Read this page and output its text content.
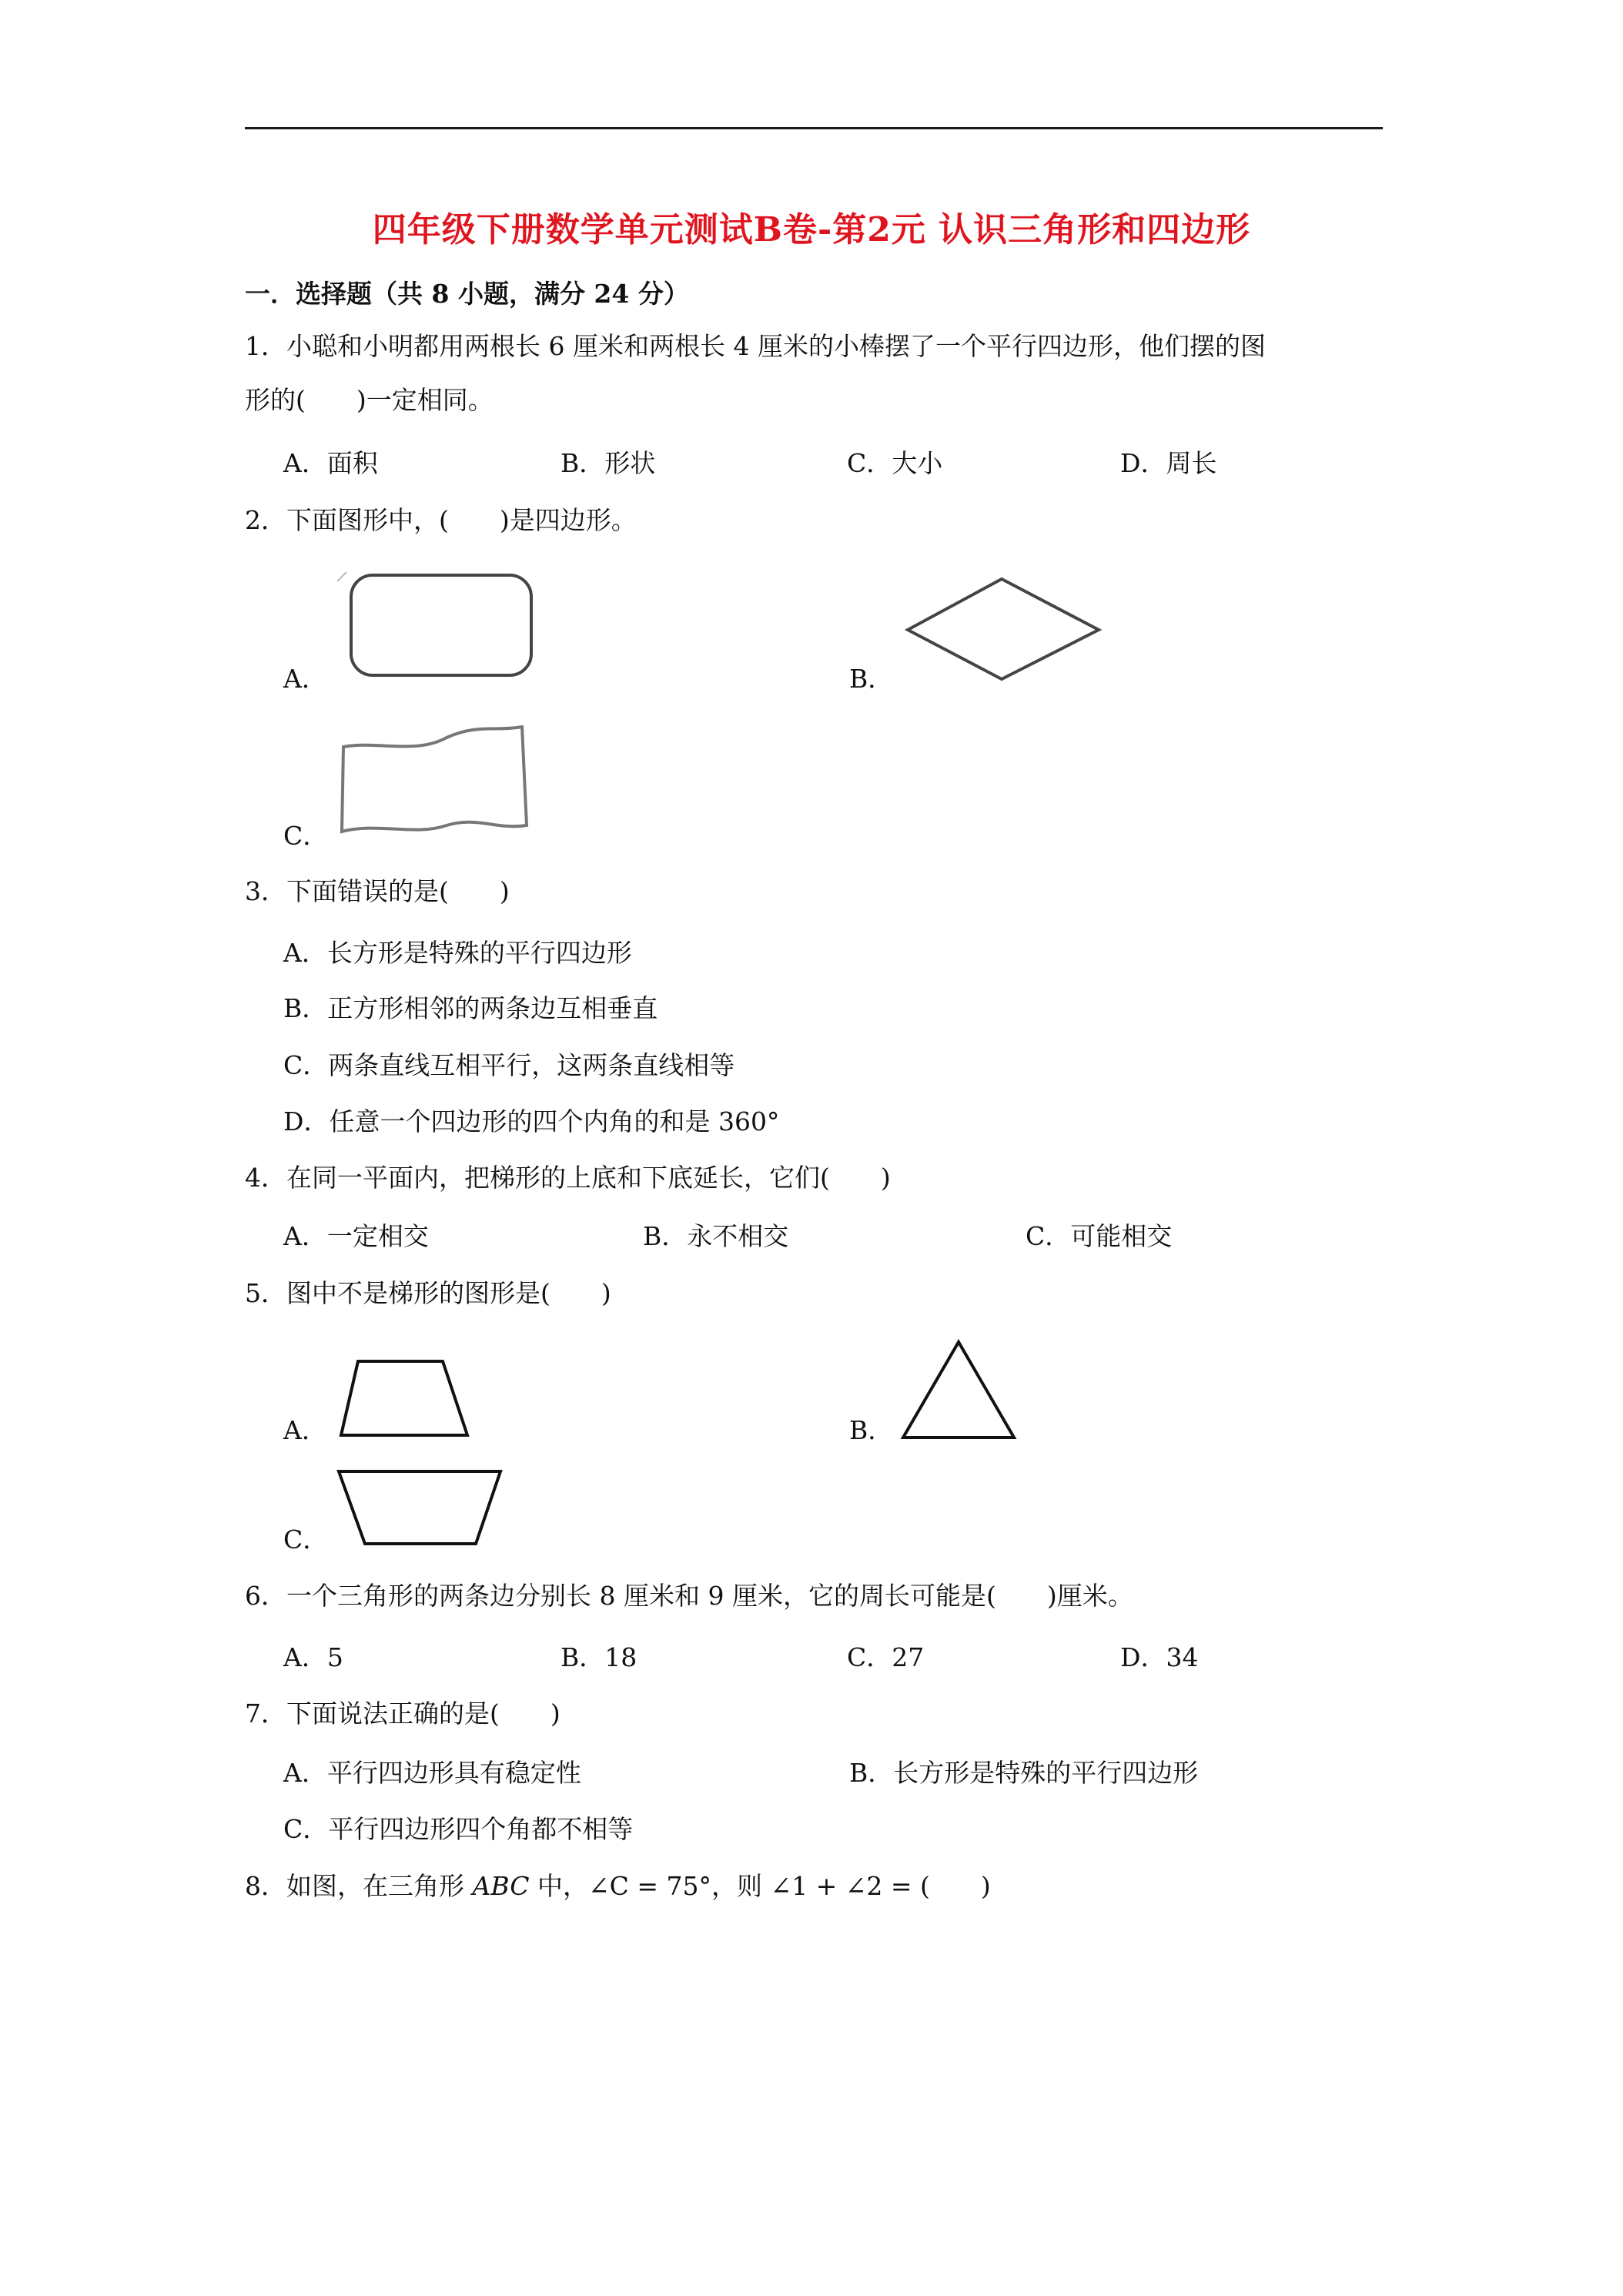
四年级下册数学单元测试B卷-第2元 认识三角形和四边形
一．选择题（共 8 小题，满分 24 分）
1．小聪和小明都用两根长 6 厘米和两根长 4 厘米的小棒摆了一个平行四边形，他们摆的图
形的(　　)一定相同。
A．面积	B．形状	C．大小	D．周长
2．下面图形中，(　　)是四边形。
A．	B．
C．
3．下面错误的是(　　)
A．长方形是特殊的平行四边形
B．正方形相邻的两条边互相垂直
C．两条直线互相平行，这两条直线相等
D．任意一个四边形的四个内角的和是 360°
4．在同一平面内，把梯形的上底和下底延长，它们(　　)
A．一定相交	B．永不相交	C．可能相交
5．图中不是梯形的图形是(　　)
A．	B．
C．
6．一个三角形的两条边分别长 8 厘米和 9 厘米，它的周长可能是(　　)厘米。
A．5	B．18	C．27	D．34
7．下面说法正确的是(　　)
A．平行四边形具有稳定性	B．长方形是特殊的平行四边形
C．平行四边形四个角都不相等
8．如图，在三角形 ABC 中，∠C = 75°，则 ∠1 + ∠2 = (　　)
